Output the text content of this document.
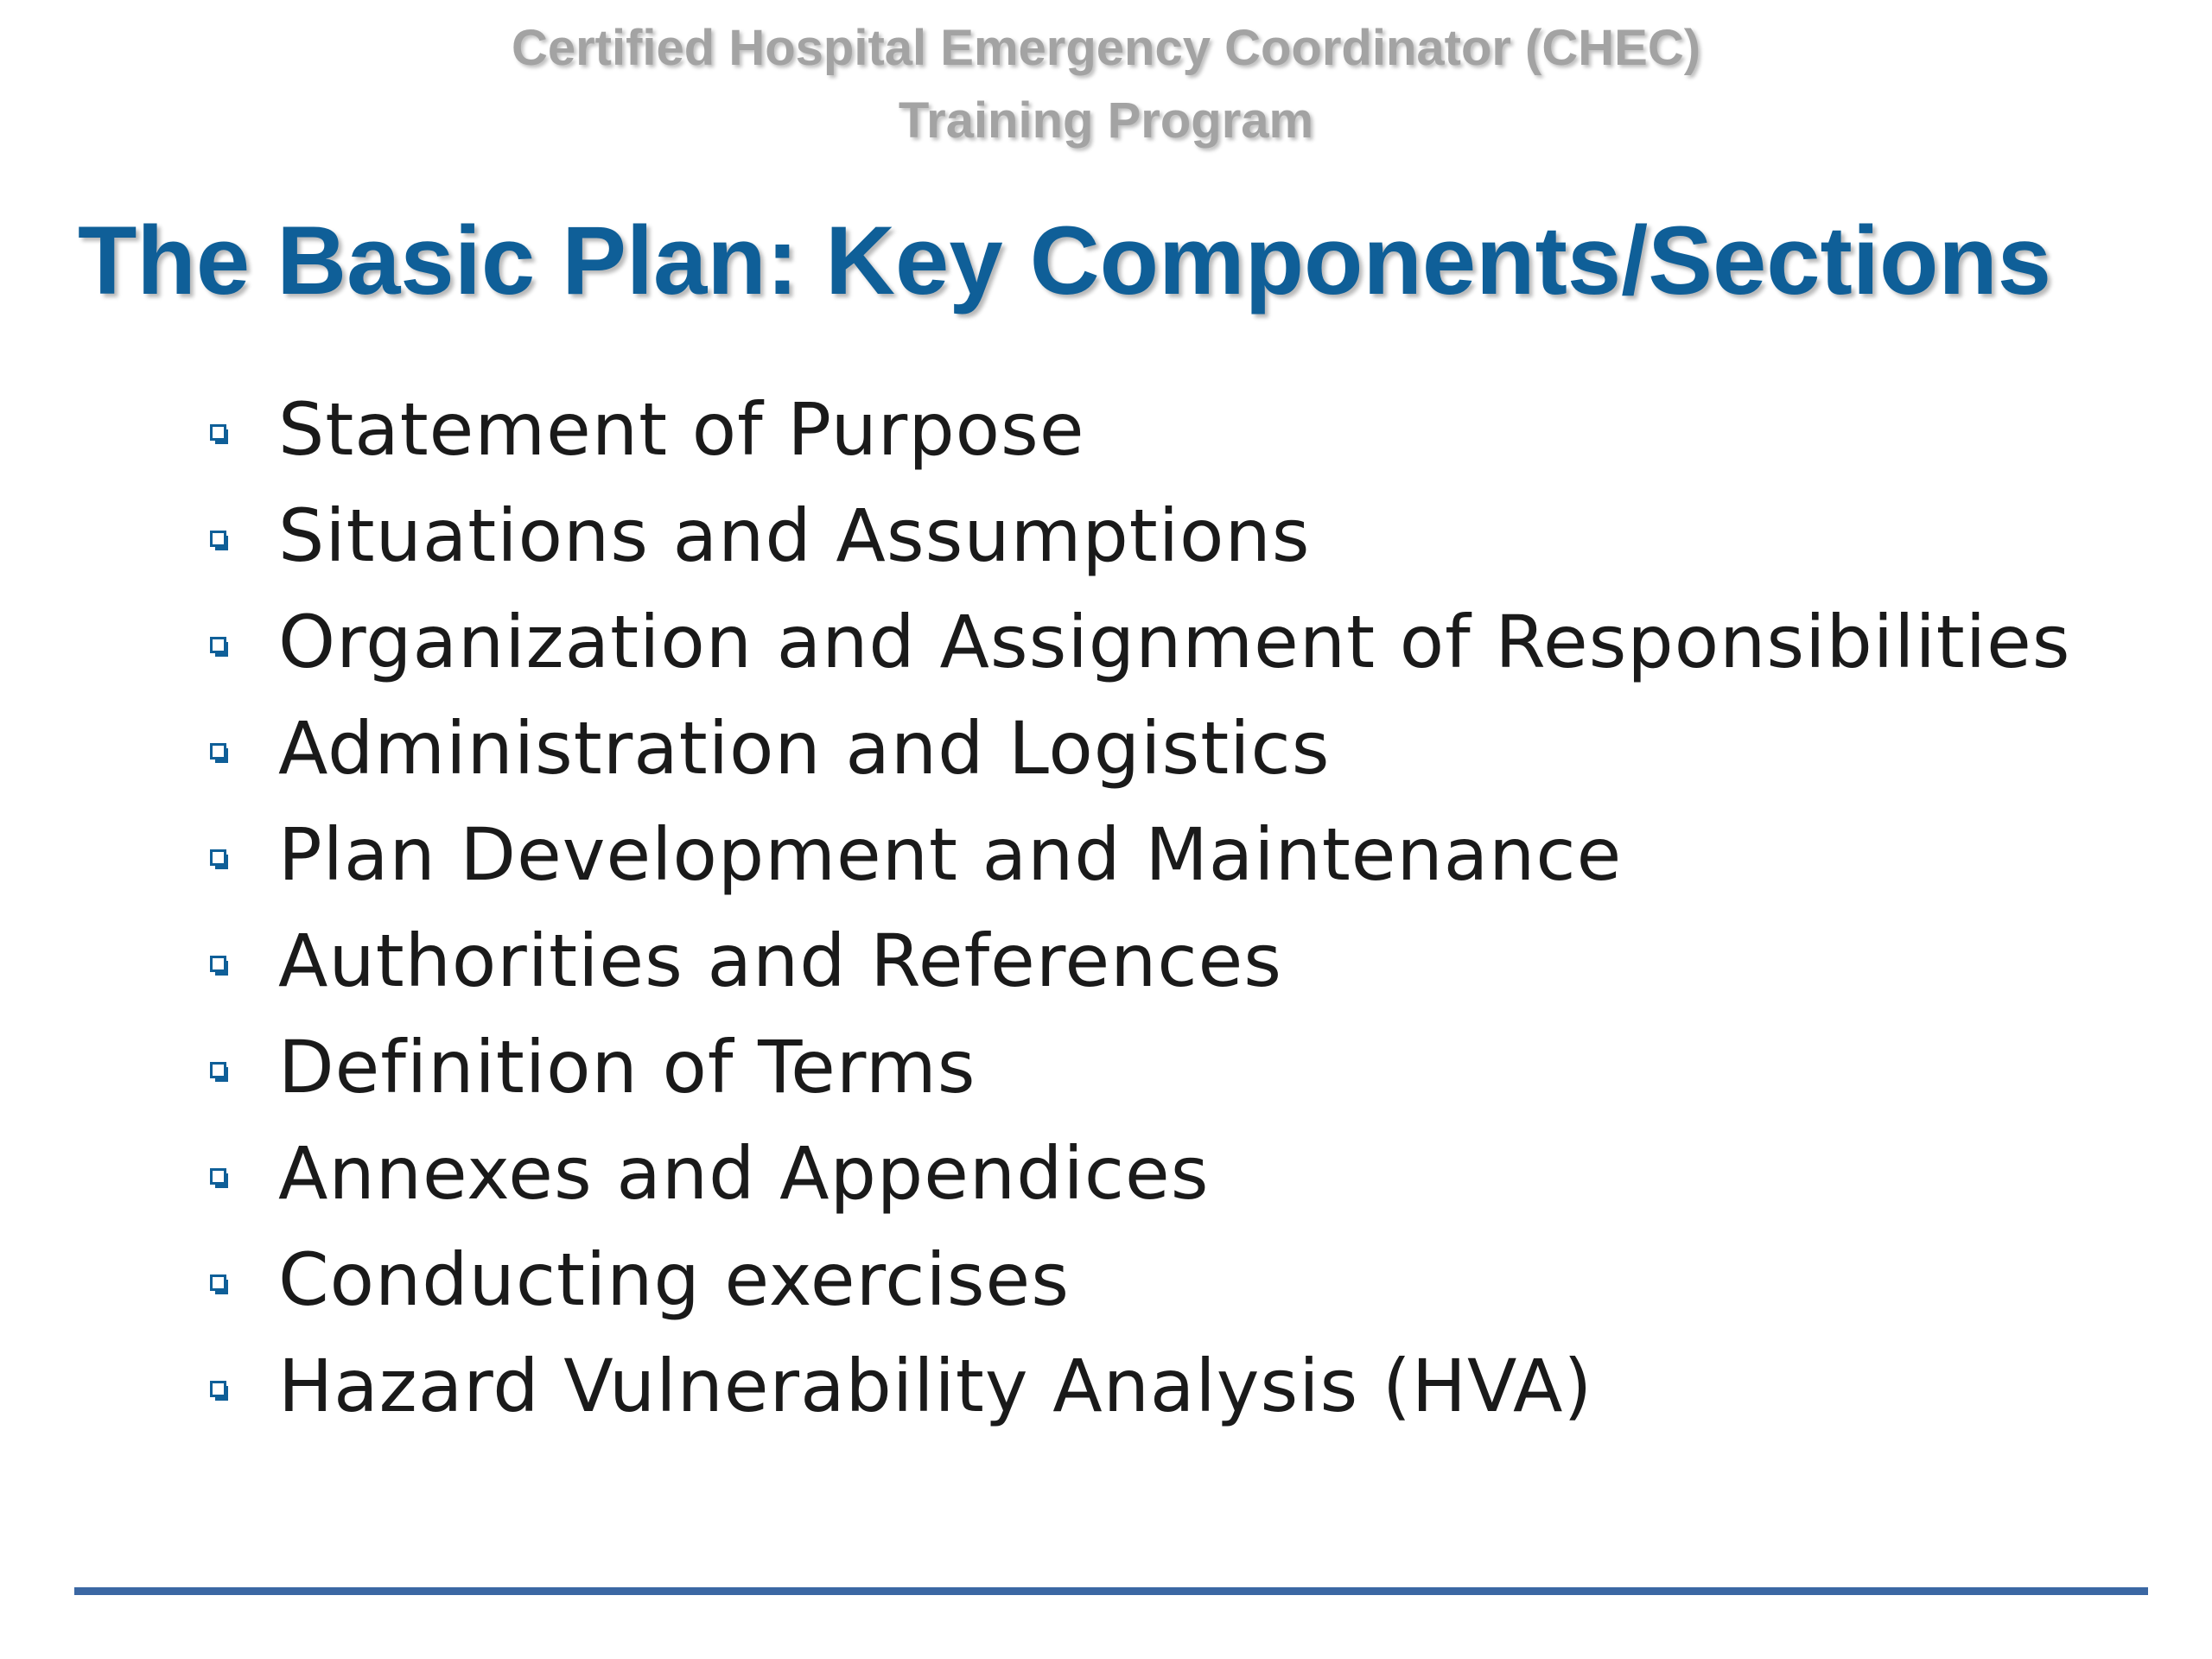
Certified Hospital Emergency Coordinator (CHEC)
Training Program
The Basic Plan: Key Components/Sections
Statement of Purpose
Situations and Assumptions
Organization and Assignment of Responsibilities
Administration and Logistics
Plan Development and Maintenance
Authorities and References
Definition of Terms
Annexes and Appendices
Conducting exercises
Hazard Vulnerability Analysis (HVA)
